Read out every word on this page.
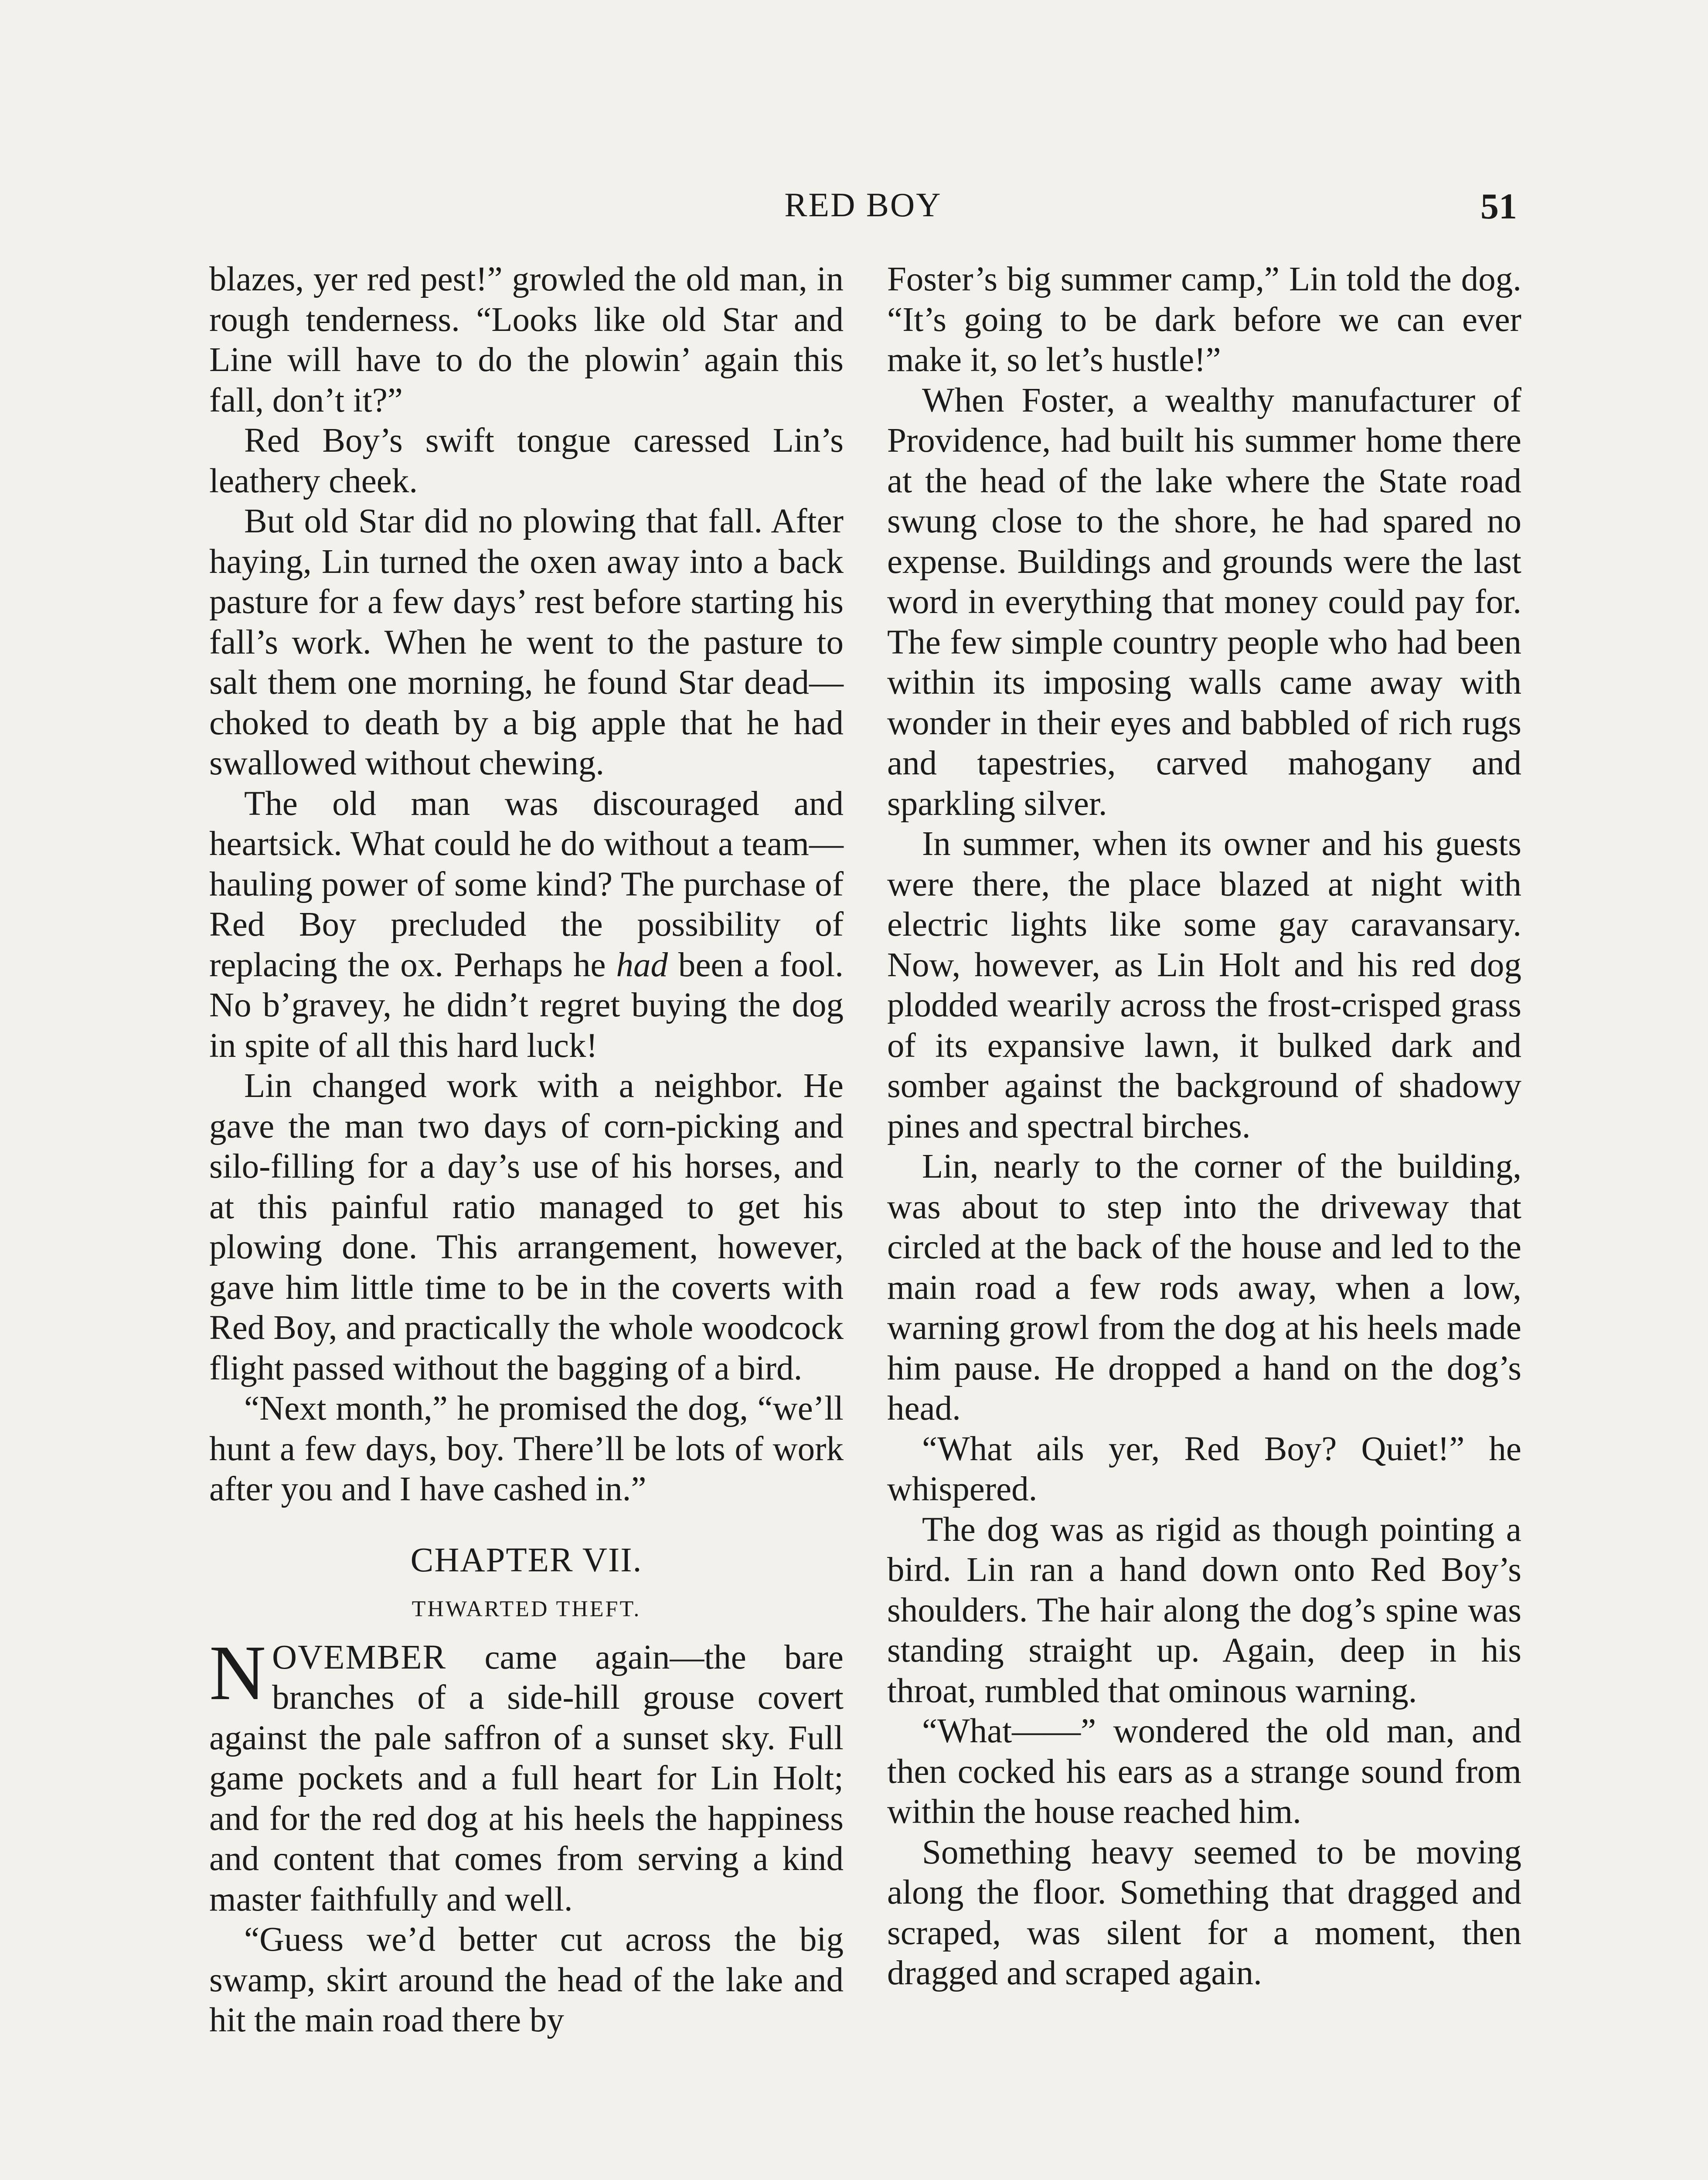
RED BOY	51

blazes, yer red pest!” growled the old man, in rough tenderness. “Looks like old Star and Line will have to do the plowin’ again this fall, don’t it?”

Red Boy’s swift tongue caressed Lin’s leathery cheek.

But old Star did no plowing that fall. After haying, Lin turned the oxen away into a back pasture for a few days’ rest before starting his fall’s work. When he went to the pasture to salt them one morning, he found Star dead—choked to death by a big apple that he had swallowed without chewing.

The old man was discouraged and heartsick. What could he do without a team—hauling power of some kind? The purchase of Red Boy precluded the possibility of replacing the ox. Perhaps he had been a fool. No b’gravey, he didn’t regret buying the dog in spite of all this hard luck!

Lin changed work with a neighbor. He gave the man two days of corn-picking and silo-filling for a day’s use of his horses, and at this painful ratio managed to get his plowing done. This arrangement, however, gave him little time to be in the coverts with Red Boy, and practically the whole woodcock flight passed without the bagging of a bird.

“Next month,” he promised the dog, “we’ll hunt a few days, boy. There’ll be lots of work after you and I have cashed in.”

CHAPTER VII.
THWARTED THEFT.

NOVEMBER came again—the bare branches of a side-hill grouse covert against the pale saffron of a sunset sky. Full game pockets and a full heart for Lin Holt; and for the red dog at his heels the happiness and content that comes from serving a kind master faithfully and well.

“Guess we’d better cut across the big swamp, skirt around the head of the lake and hit the main road there by

Foster’s big summer camp,” Lin told the dog. “It’s going to be dark before we can ever make it, so let’s hustle!”

When Foster, a wealthy manufacturer of Providence, had built his summer home there at the head of the lake where the State road swung close to the shore, he had spared no expense. Buildings and grounds were the last word in everything that money could pay for. The few simple country people who had been within its imposing walls came away with wonder in their eyes and babbled of rich rugs and tapestries, carved mahogany and sparkling silver.

In summer, when its owner and his guests were there, the place blazed at night with electric lights like some gay caravansary. Now, however, as Lin Holt and his red dog plodded wearily across the frost-crisped grass of its expansive lawn, it bulked dark and somber against the background of shadowy pines and spectral birches.

Lin, nearly to the corner of the building, was about to step into the driveway that circled at the back of the house and led to the main road a few rods away, when a low, warning growl from the dog at his heels made him pause. He dropped a hand on the dog’s head.

“What ails yer, Red Boy? Quiet!” he whispered.

The dog was as rigid as though pointing a bird. Lin ran a hand down onto Red Boy’s shoulders. The hair along the dog’s spine was standing straight up. Again, deep in his throat, rumbled that ominous warning.

“What——” wondered the old man, and then cocked his ears as a strange sound from within the house reached him.

Something heavy seemed to be moving along the floor. Something that dragged and scraped, was silent for a moment, then dragged and scraped again.
